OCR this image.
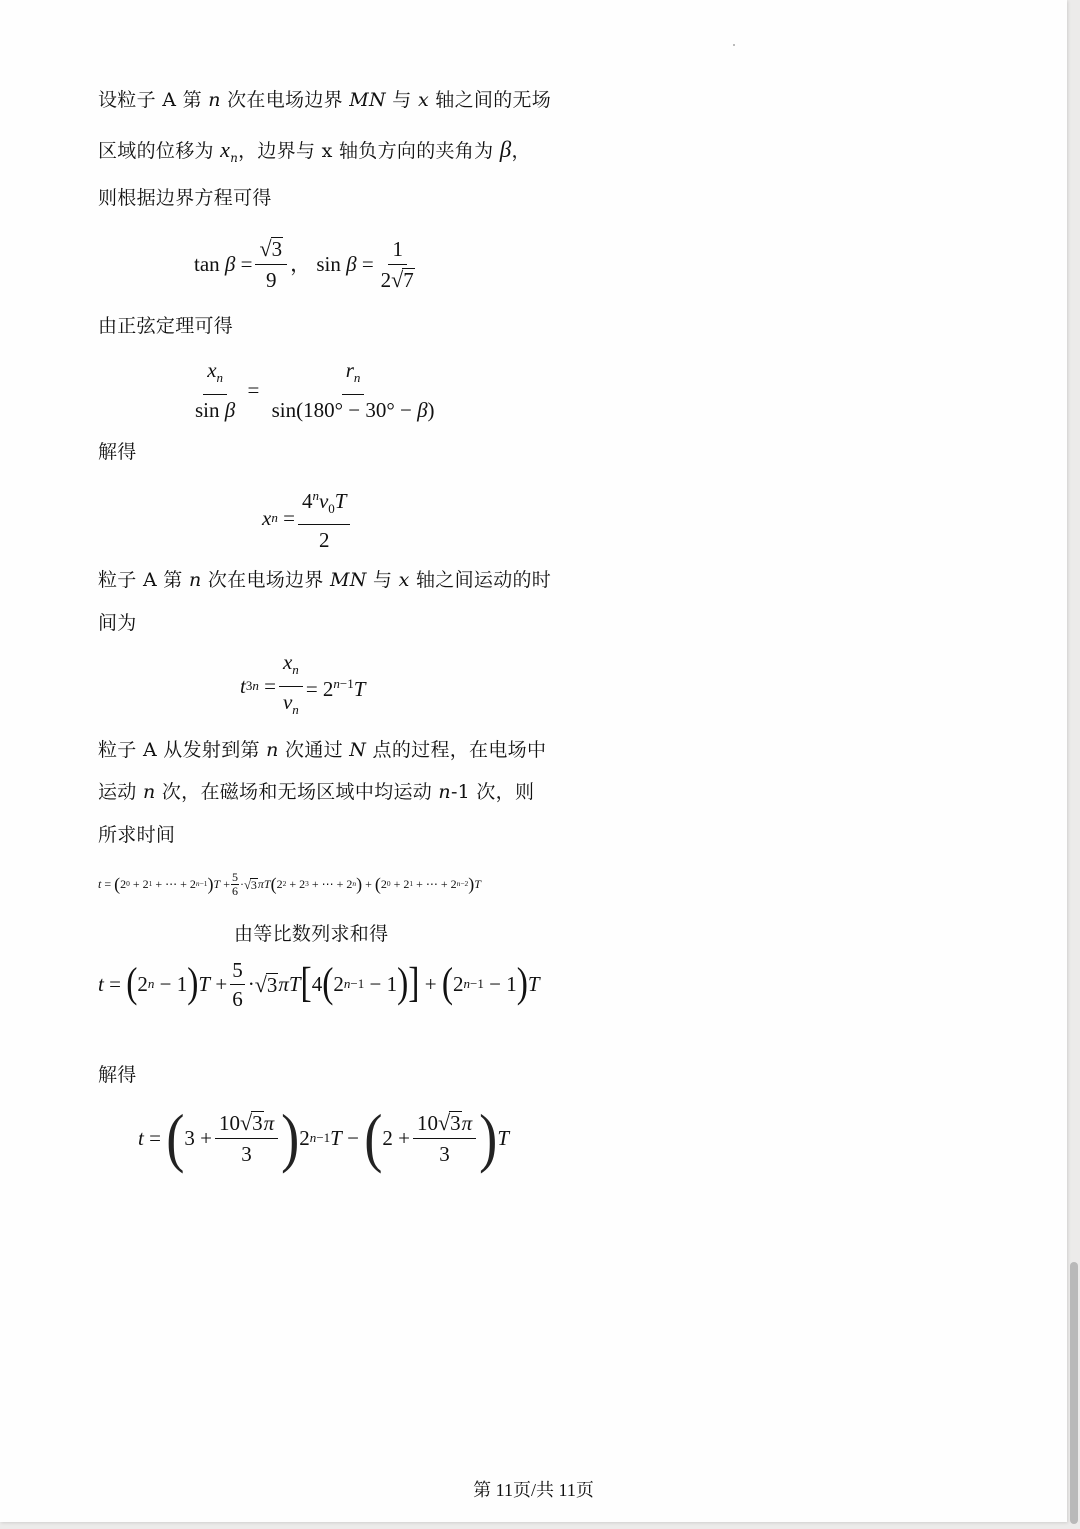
设粒子 A 第 n 次在电场边界 MN 与 x 轴之间的无场
区域的位移为 $x_n$，边界与 x 轴负方向的夹角为 β，
则根据边界方程可得
$\tan \beta = \frac{√ 3}{9}$ ， $\sin \beta = \frac{1}{2 √ 7}$
由正弦定理可得
$\frac{x_n}{\text{sin β}} = \frac{r_n}{\sin(180^\circ - 30^\circ - \beta)}$
解得
x $n = \frac{4^nv_0T}{2}$
粒子 A 第 n 次在电场边界 MN 与 x 轴之间运动的时
间为
t $3n = \frac{x_n}{v_n} = 2^{n-1}T$
粒子 A 从发射到第 n 次通过 N 点的过程，在电场中
运动 n 次，在磁场和无场区域中均运动 n-1 次，则
所求时间
t = ( 2 0 + 2 1 + ⋯ + 2 n−1 ) $T + \frac{5}{6}$ · √ 3 πT ( 2 2 + 2 3 + ⋯ + 2 n ) + ( 2 0 + 2 1 + ⋯ + 2 n−2 ) T
由等比数列求和得
t = ( 2 n − 1 ) $T + \frac{5}{6}$ · √ 3 πT [ 4 ( 2 n−1 − 1 ) ] + ( 2 n−1 − 1 ) T
解得
t = ( $3 + \frac{10 √ 3 \pi}{3}$ ) 2 n−1 T − ( $2 + \frac{10 √ 3 \pi}{3}$ ) T
第 11页/共 11页
